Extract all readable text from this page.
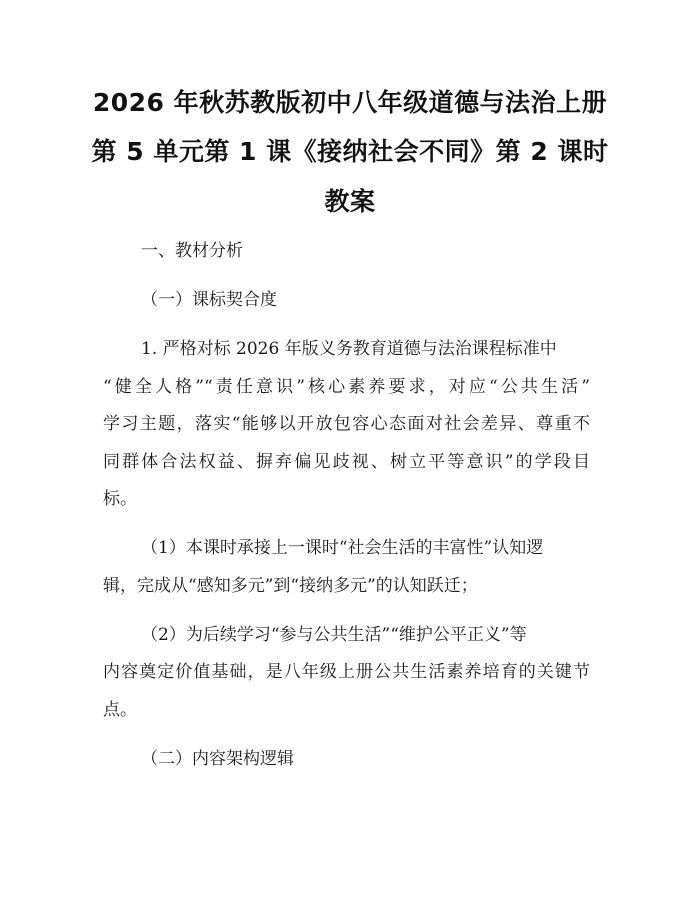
2026 年秋苏教版初中八年级道德与法治上册
第 5 单元第 1 课《接纳社会不同》第 2 课时
教案
一、教材分析
（一）课标契合度
1. 严格对标 2026 年版义务教育道德与法治课程标准中
“健全人格”“责任意识”核心素养要求，对应“公共生活”
学习主题，落实“能够以开放包容心态面对社会差异、尊重不
同群体合法权益、摒弃偏见歧视、树立平等意识”的学段目
标。
（1）本课时承接上一课时“社会生活的丰富性”认知逻
辑，完成从“感知多元”到“接纳多元”的认知跃迁；
（2）为后续学习“参与公共生活”“维护公平正义”等
内容奠定价值基础，是八年级上册公共生活素养培育的关键节
点。
（二）内容架构逻辑
